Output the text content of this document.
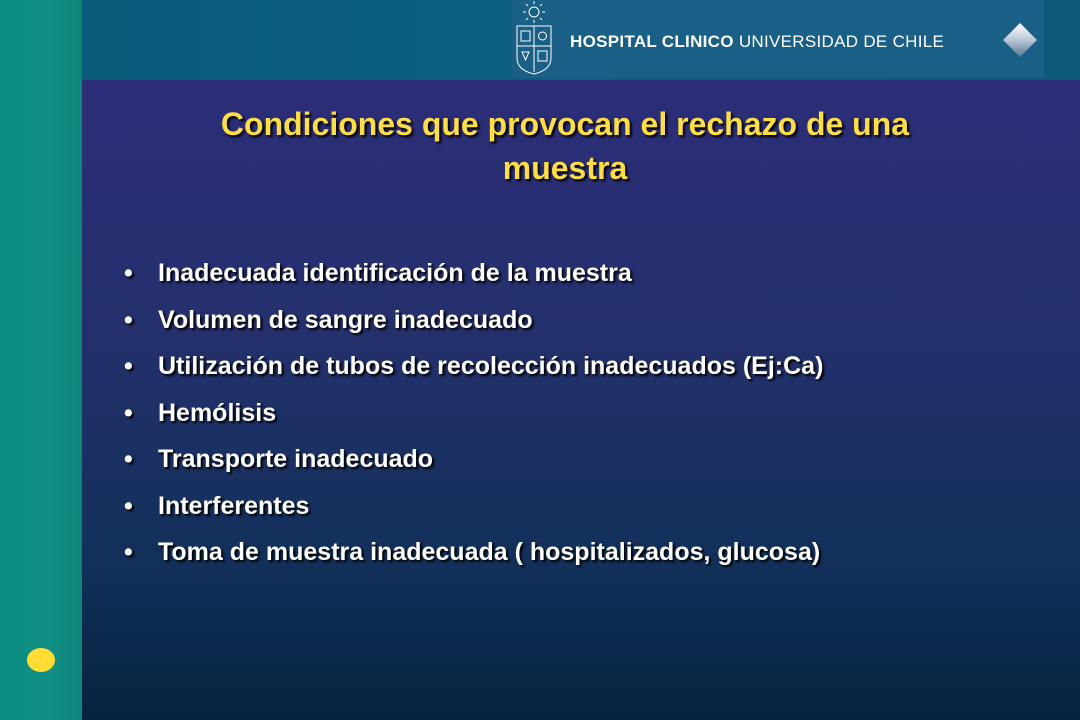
HOSPITAL CLINICO UNIVERSIDAD DE CHILE
Condiciones que provocan el rechazo de una
muestra
• Inadecuada identificación de la muestra
• Volumen de sangre inadecuado
• Utilización de tubos de recolección inadecuados (Ej:Ca)
• Hemólisis
• Transporte inadecuado
• Interferentes
• Toma de muestra inadecuada ( hospitalizados, glucosa)
